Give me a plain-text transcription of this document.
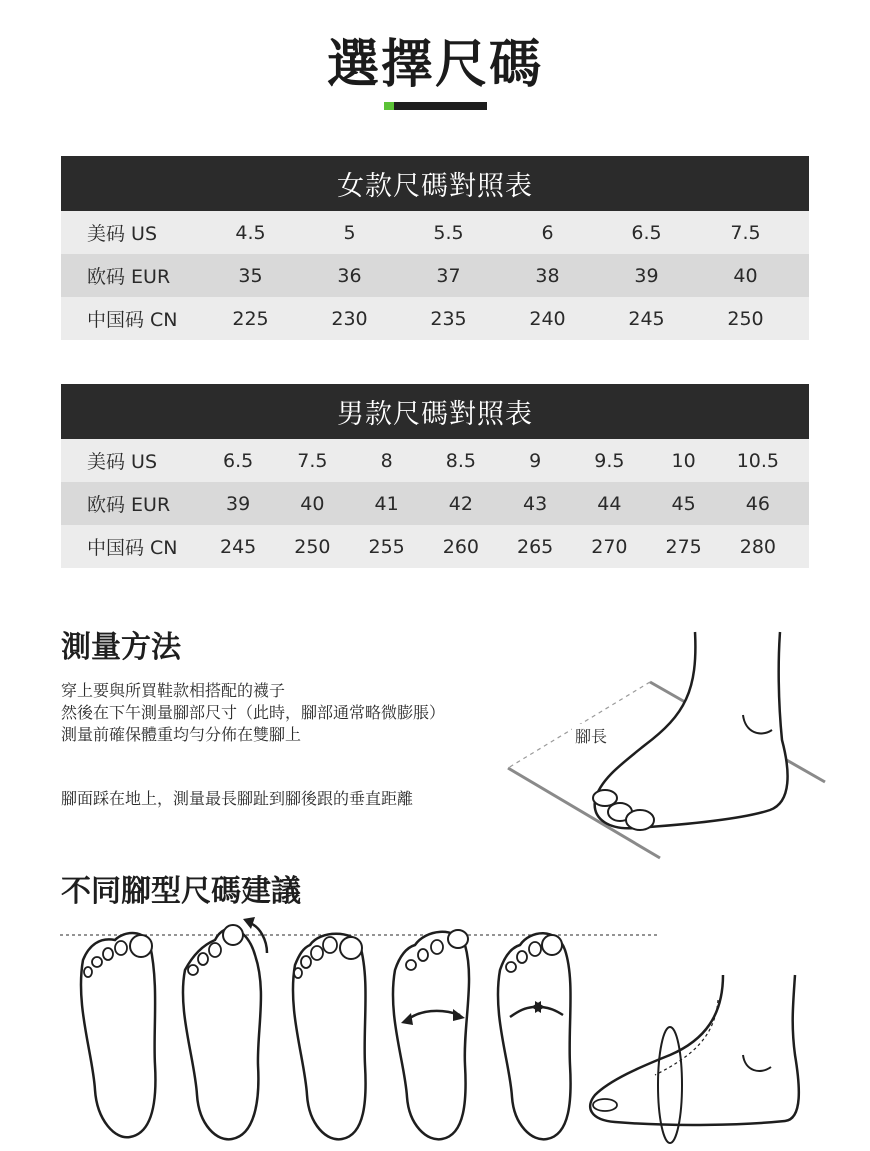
選擇尺碼
女款尺碼對照表
美码 US	4.5	5	5.5	6	6.5	7.5
欧码 EUR	35	36	37	38	39	40
中国码 CN	225	230	235	240	245	250
男款尺碼對照表
美码 US	6.5	7.5	8	8.5	9	9.5	10	10.5
欧码 EUR	39	40	41	42	43	44	45	46
中国码 CN	245	250	255	260	265	270	275	280
測量方法
穿上要與所買鞋款相搭配的襪子
然後在下午測量腳部尺寸（此時，腳部通常略微膨脹）
測量前確保體重均勻分佈在雙腳上
腳面踩在地上，測量最長腳趾到腳後跟的垂直距離
腳長
不同腳型尺碼建議
